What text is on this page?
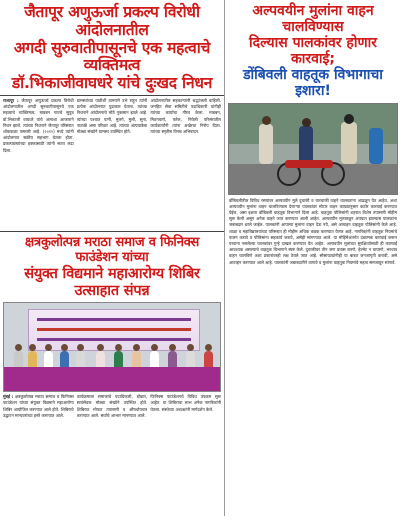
जैतापूर अणुऊर्जा प्रकल्प विरोधी आंदोलनातील
अगदी सुरुवातीपासूनचे एक महत्वाचे व्यक्तिमत्व
डॉ.भिकाजीवाघधरे यांचे दुःखद निधन
राजापूर : जैतापूर अणुऊर्जा प्रकल्प विरोधी आंदोलनातील अगदी सुरुवातीपासूनचे एक महत्वाचे व्यक्तिमत्व, माडबन गावचे सुपुत्र डॉ.भिकाजी वाघधरे यांचे अल्पशा आजाराने निधन झाले. त्यांच्या निधनाने जैतापूर परिसरात शोककळा पसरली आहे. (२०१२) मध्ये त्यांनी आंदोलनात सक्रीय सहभाग घेतला होता. प्रकल्पग्रस्तांच्या हक्कासाठी त्यांनी सतत लढा दिला.
ग्रामस्थांच्या पाठीशी ठामपणे उभे राहून त्यांनी प्रत्येक आंदोलनात पुढाकार घेतला. त्यांच्या निधनाने आंदोलनाचे मोठे नुकसान झाले आहे. त्यांच्या पश्चात पत्नी, मुलगे, मुली, सुना, नातवंडे असा परिवार आहे. त्यांच्या अंत्ययात्रेला मोठ्या संख्येने ग्रामस्थ उपस्थित होते.
आंदोलनातील सहकाऱ्यांनी श्रद्धांजली वाहिली. जनहित सेवा समितीचे पदाधिकारी यांनीही त्यांच्या कार्याचा गौरव केला. माडबन, मिठगवाणे, करेल, निवेली परिसरातील कार्यकर्त्यांनी त्यांना अखेरचा निरोप दिला. त्यांच्या स्मृतीस विनम्र अभिवादन.
क्षत्रकुलोत्पन्न मराठा समाज व फिनिक्स फाउंडेशन यांच्या
संयुक्त विद्यमाने महाआरोग्य शिबिर उत्साहात संपन्न
मुंबई : क्षत्रकुलोत्पन्न मराठा समाज व फिनिक्स फाउंडेशन यांच्या संयुक्त विद्यमाने महाआरोग्य शिबिर आयोजित करण्यात आले होते. शिबिराचे उद्घाटन मान्यवरांच्या हस्ते करण्यात आले.
कार्यक्रमाला समाजाचे पदाधिकारी, डॉक्टर, स्वयंसेवक मोठ्या संख्येने उपस्थित होते. शिबिरात मोफत तपासणी व औषधोपचार करण्यात आले. सर्वांचे आभार मानण्यात आले.
फिनिक्स फाउंडेशनचे विविध उपक्रम सुरू आहेत. या शिबिराचा लाभ अनेक नागरिकांनी घेतला. संस्थेच्या अध्यक्षांनी मार्गदर्शन केले.
अल्पवयीन मुलांना वाहन चालविण्यास
दिल्यास पालकांवर होणार कारवाई;
डोंबिवली वाहतूक विभागाचा इशारा!
डोंबिवलीतील विविध रस्त्यांवर अल्पवयीन मुले दुचाकी व चारचाकी वाहने चालवताना आढळून येत आहेत. अशा अल्पवयीन मुलांना वाहन चालविण्यास देणाऱ्या पालकांवर मोटार वाहन कायद्यानुसार कठोर कारवाई करण्यात येईल, असा इशारा डोंबिवली वाहतूक विभागाने दिला आहे. वाहतूक पोलिसांनी शहरात विशेष तपासणी मोहीम सुरू केली असून अनेक वाहने जप्त करण्यात आली आहेत. अल्पवयीन मुलाकडून अपघात झाल्यास पालकांना जबाबदार धरले जाईल. पालकांनी आपल्या मुलांना वाहन देऊ नये, असे आवाहन वाहतूक पोलिसांनी केले आहे. शाळा व महाविद्यालयांच्या परिसरात ही मोहीम अधिक कडक करण्यात येणार आहे. नागरिकांनी वाहतूक नियमांचे पालन करावे व पोलिसांना सहकार्य करावे, असेही सांगण्यात आले. या मोहिमेअंतर्गत दंडात्मक कारवाई करून परवाना नसलेल्या चालकांवर गुन्हे दाखल करण्यात येत आहेत. अल्पवयीन मुलांच्या सुरक्षिततेसाठी ही कारवाई आवश्यक असल्याचे वाहतूक विभागाने स्पष्ट केले. दुचाकीवर तीन जण प्रवास करणे, हेल्मेट न वापरणे, भरधाव वाहन चालविणे अशा प्रकारांवरही लक्ष ठेवले जात आहे. सोसायट्यांनीही या बाबत जनजागृती करावी, असे आवाहन करण्यात आले आहे. पालकांनी जबाबदारीने वागावे व मुलांना वाहतूक नियमांचे महत्व समजावून सांगावे.
